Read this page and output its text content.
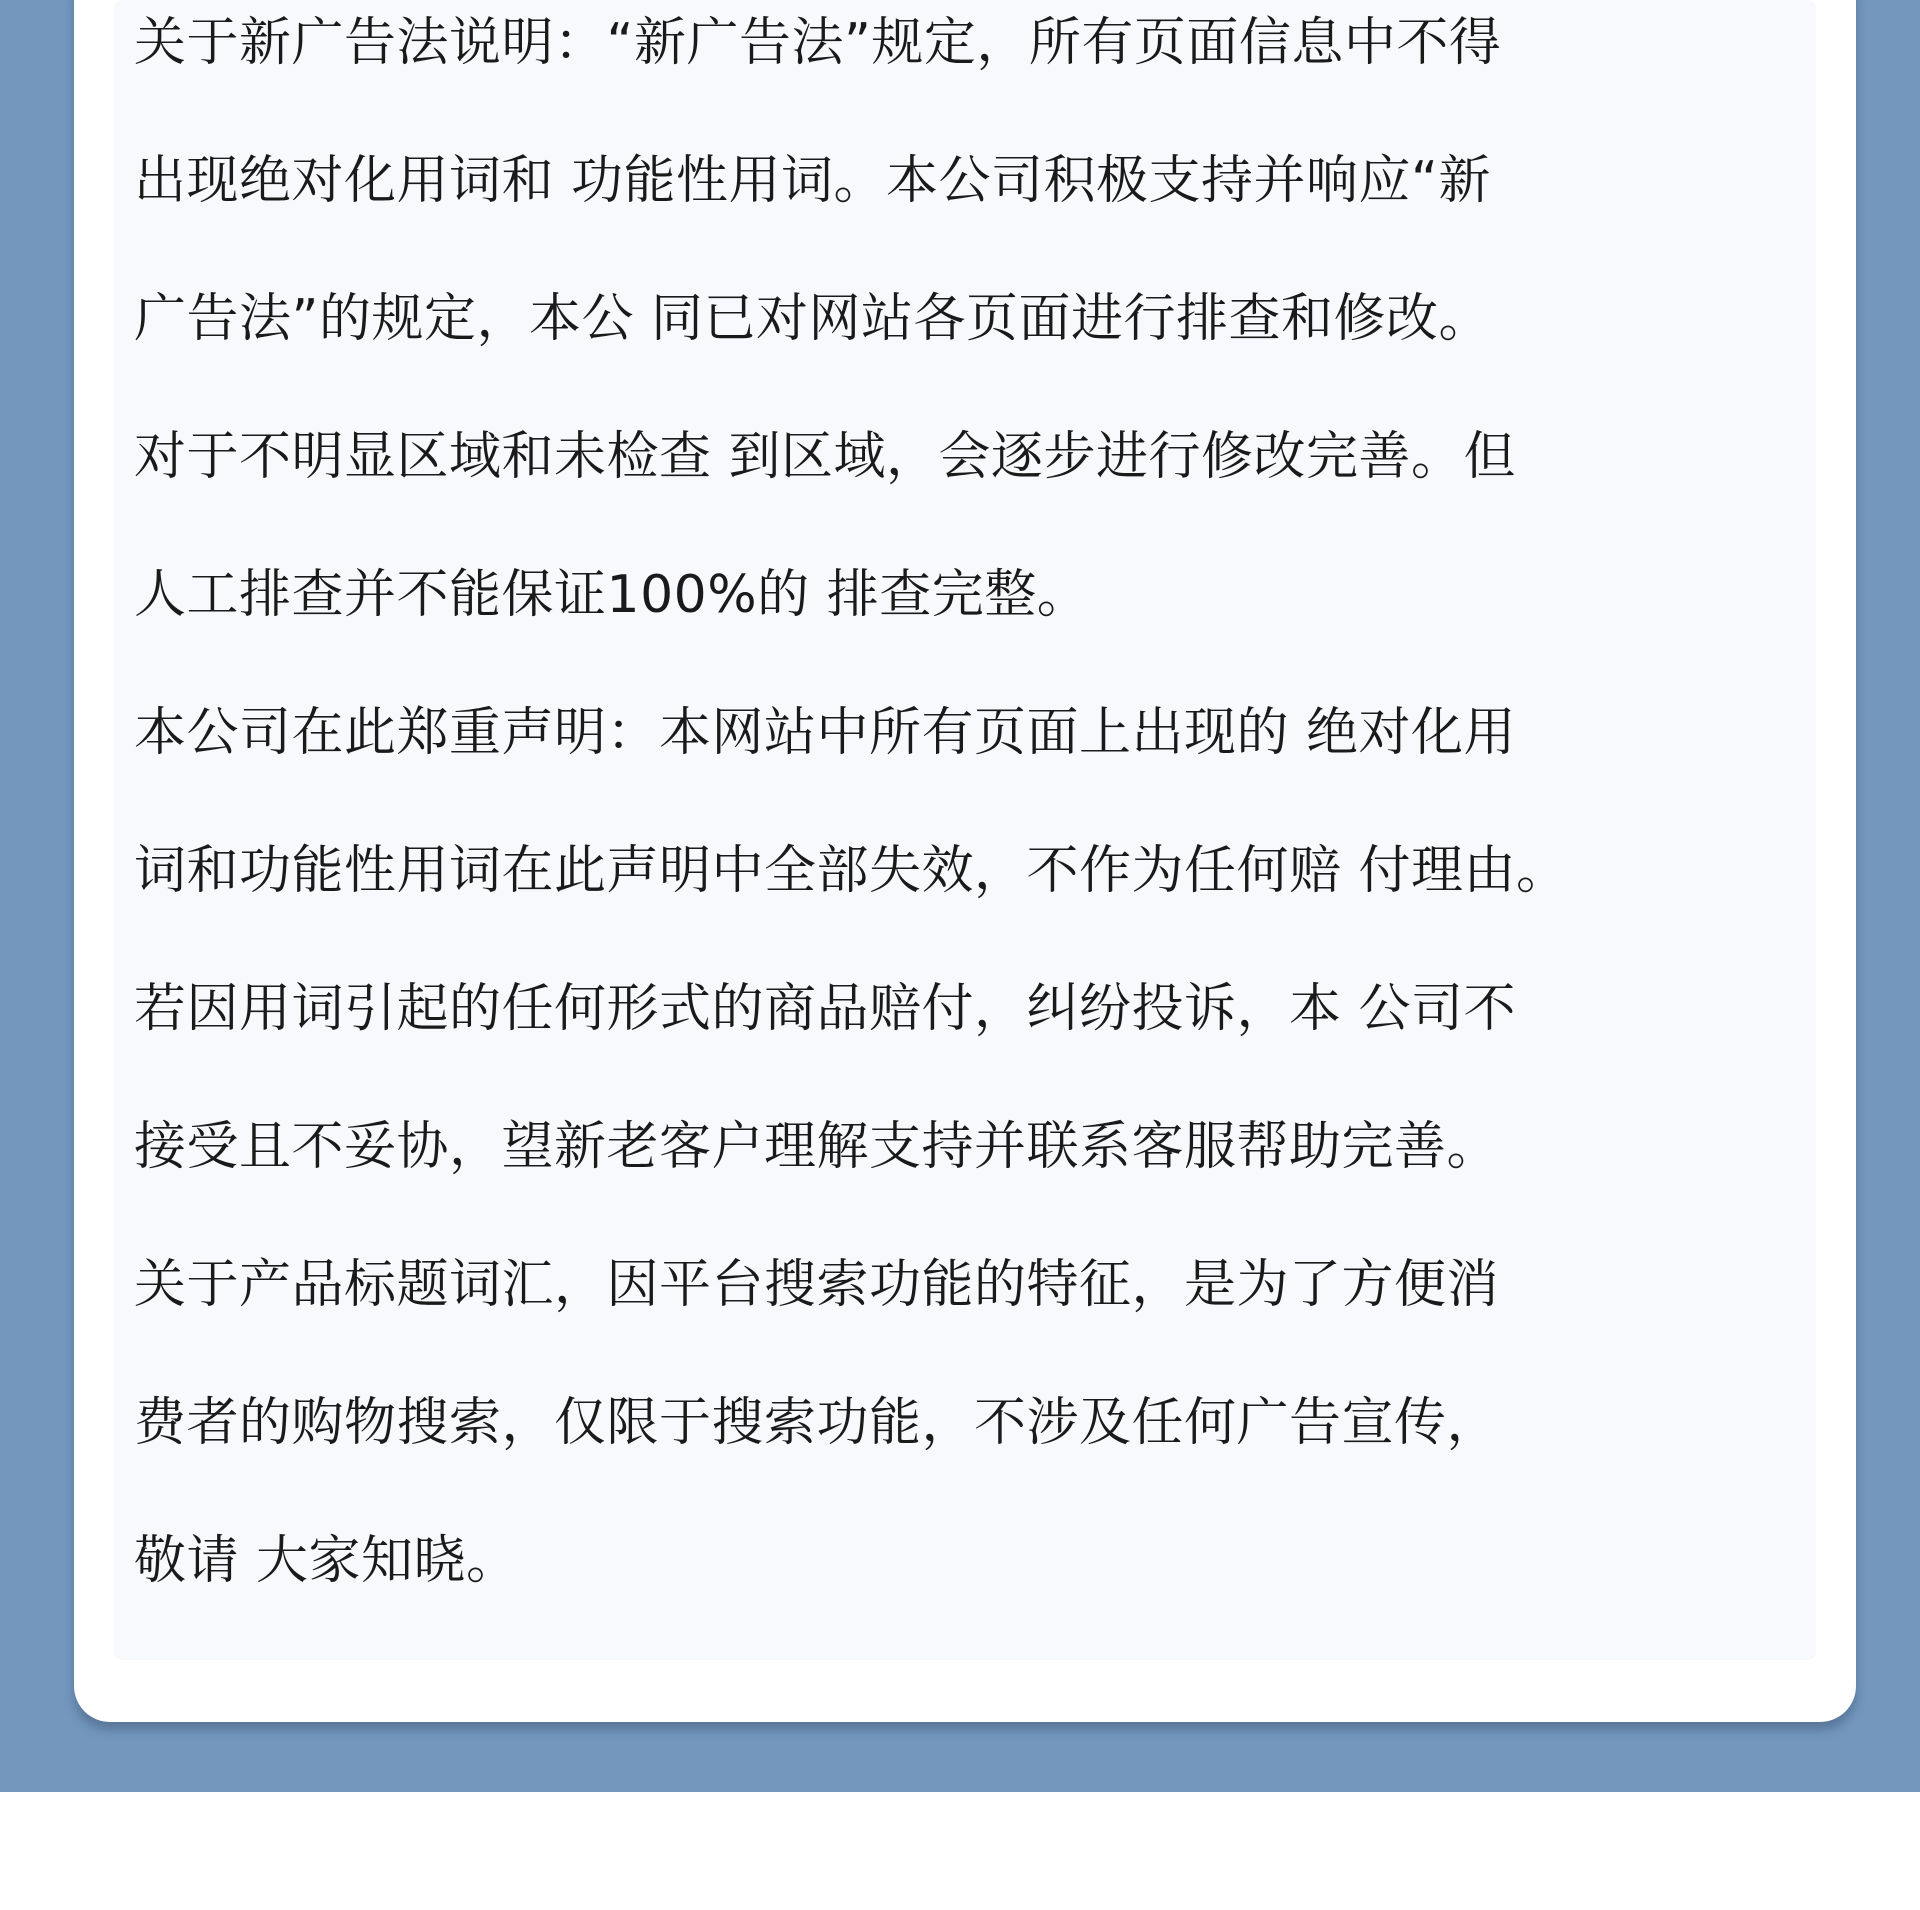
关于新广告法说明：“新广告法”规定，所有页面信息中不得
出现绝对化用词和 功能性用词。本公司积极支持并响应“新
广告法”的规定，本公 同已对网站各页面进行排查和修改。
对于不明显区域和未检查 到区域，会逐步进行修改完善。但
人工排查并不能保证100%的 排查完整。
本公司在此郑重声明：本网站中所有页面上出现的 绝对化用
词和功能性用词在此声明中全部失效，不作为任何赔 付理由。
若因用词引起的任何形式的商品赔付，纠纷投诉，本 公司不
接受且不妥协，望新老客户理解支持并联系客服帮助完善。
关于产品标题词汇，因平台搜索功能的特征，是为了方便消
费者的购物搜索，仅限于搜索功能，不涉及任何广告宣传，
敬请 大家知晓。
